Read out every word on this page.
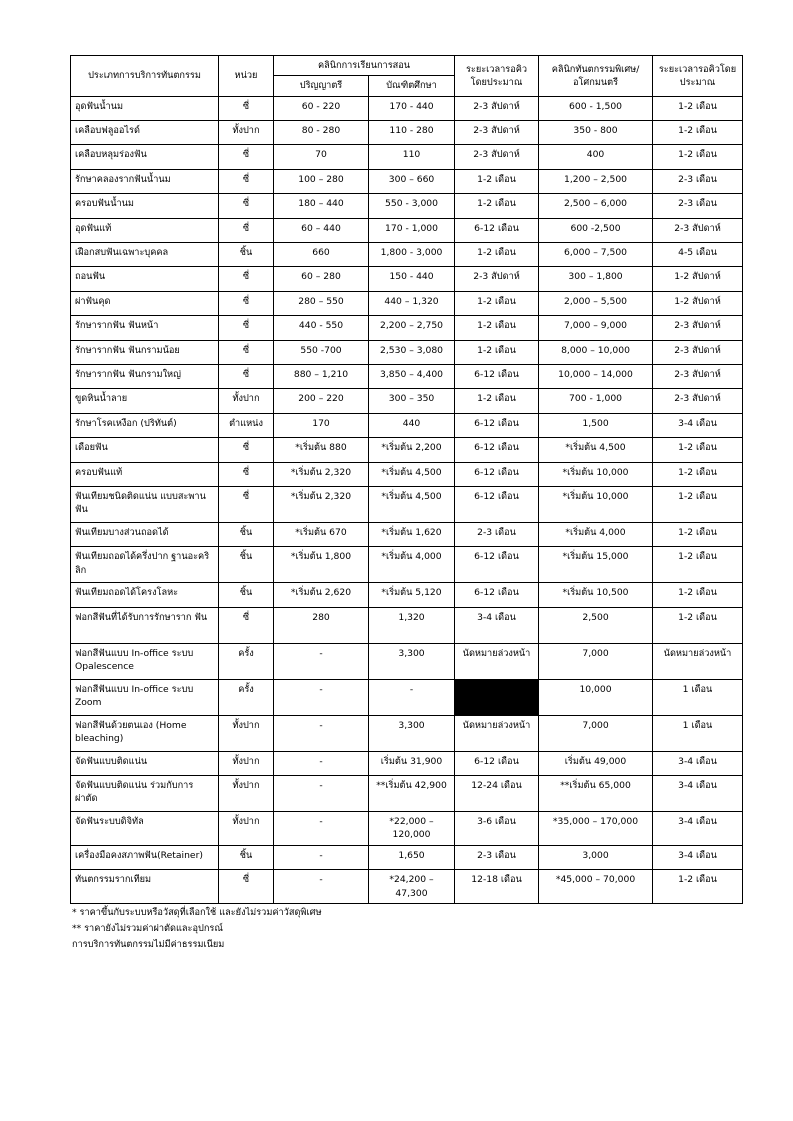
ประเภทการบริการทันตกรรม	หน่วย	คลินิกการเรียนการสอน		ระยะเวลารอคิวโดยประมาณ	คลินิกทันตกรรมพิเศษ/อโศกมนตรี	ระยะเวลารอคิวโดยประมาณ
		ปริญญาตรี	บัณฑิตศึกษา			
อุดฟันน้ำนม	ซี่	60 - 220	170 - 440	2-3 สัปดาห์	600 - 1,500	1-2 เดือน
เคลือบฟลูออไรด์	ทั้งปาก	80 - 280	110 - 280	2-3 สัปดาห์	350 - 800	1-2 เดือน
เคลือบหลุมร่องฟัน	ซี่	70	110	2-3 สัปดาห์	400	1-2 เดือน
รักษาคลองรากฟันน้ำนม	ซี่	100 – 280	300 – 660	1-2 เดือน	1,200 – 2,500	2-3 เดือน
ครอบฟันน้ำนม	ซี่	180 – 440	550 - 3,000	1-2 เดือน	2,500 – 6,000	2-3 เดือน
อุดฟันแท้	ซี่	60 – 440	170 - 1,000	6-12 เดือน	600 -2,500	2-3 สัปดาห์
เฝือกสบฟันเฉพาะบุคคล	ชิ้น	660	1,800 - 3,000	1-2 เดือน	6,000 – 7,500	4-5 เดือน
ถอนฟัน	ซี่	60 – 280	150 - 440	2-3 สัปดาห์	300 – 1,800	1-2 สัปดาห์
ผ่าฟันคุด	ซี่	280 – 550	440 – 1,320	1-2 เดือน	2,000 – 5,500	1-2 สัปดาห์
รักษารากฟัน ฟันหน้า	ซี่	440 - 550	2,200 – 2,750	1-2 เดือน	7,000 – 9,000	2-3 สัปดาห์
รักษารากฟัน ฟันกรามน้อย	ซี่	550 -700	2,530 – 3,080	1-2 เดือน	8,000 – 10,000	2-3 สัปดาห์
รักษารากฟัน ฟันกรามใหญ่	ซี่	880 – 1,210	3,850 – 4,400	6-12 เดือน	10,000 – 14,000	2-3 สัปดาห์
ขูดหินน้ำลาย	ทั้งปาก	200 – 220	300 – 350	1-2 เดือน	700 - 1,000	2-3 สัปดาห์
รักษาโรคเหงือก (ปริทันต์)	ตำแหน่ง	170	440	6-12 เดือน	1,500	3-4 เดือน
เดือยฟัน	ซี่	*เริ่มต้น 880	*เริ่มต้น 2,200	6-12 เดือน	*เริ่มต้น 4,500	1-2 เดือน
ครอบฟันแท้	ซี่	*เริ่มต้น 2,320	*เริ่มต้น 4,500	6-12 เดือน	*เริ่มต้น 10,000	1-2 เดือน
ฟันเทียมชนิดติดแน่น แบบสะพานฟัน	ซี่	*เริ่มต้น 2,320	*เริ่มต้น 4,500	6-12 เดือน	*เริ่มต้น 10,000	1-2 เดือน
ฟันเทียมบางส่วนถอดได้	ชิ้น	*เริ่มต้น 670	*เริ่มต้น 1,620	2-3 เดือน	*เริ่มต้น 4,000	1-2 เดือน
ฟันเทียมถอดได้ครึ่งปาก ฐานอะคริลิก	ชิ้น	*เริ่มต้น 1,800	*เริ่มต้น 4,000	6-12 เดือน	*เริ่มต้น 15,000	1-2 เดือน
ฟันเทียมถอดได้โครงโลหะ	ชิ้น	*เริ่มต้น 2,620	*เริ่มต้น 5,120	6-12 เดือน	*เริ่มต้น 10,500	1-2 เดือน
ฟอกสีฟันที่ได้รับการรักษาราก ฟัน	ซี่	280	1,320	3-4 เดือน	2,500	1-2 เดือน
ฟอกสีฟันแบบ In-office ระบบ Opalescence	ครั้ง	-	3,300	นัดหมายล่วงหน้า	7,000	นัดหมายล่วงหน้า
ฟอกสีฟันแบบ In-office ระบบ Zoom	ครั้ง	-	-		10,000	1 เดือน
ฟอกสีฟันด้วยตนเอง (Home bleaching)	ทั้งปาก	-	3,300	นัดหมายล่วงหน้า	7,000	1 เดือน
จัดฟันแบบติดแน่น	ทั้งปาก	-	เริ่มต้น 31,900	6-12 เดือน	เริ่มต้น 49,000	3-4 เดือน
จัดฟันแบบติดแน่น ร่วมกับการผ่าตัด	ทั้งปาก	-	**เริ่มต้น 42,900	12-24 เดือน	**เริ่มต้น 65,000	3-4 เดือน
จัดฟันระบบดิจิทัล	ทั้งปาก	-	*22,000 – 120,000	3-6 เดือน	*35,000 – 170,000	3-4 เดือน
เครื่องมือคงสภาพฟัน(Retainer)	ชิ้น	-	1,650	2-3 เดือน	3,000	3-4 เดือน
ทันตกรรมรากเทียม	ซี่	-	*24,200 – 47,300	12-18 เดือน	*45,000 – 70,000	1-2 เดือน
* ราคาขึ้นกับระบบหรือวัสดุที่เลือกใช้ และยังไม่รวมค่าวัสดุพิเศษ
** ราคายังไม่รวมค่าผ่าตัดและอุปกรณ์
การบริการทันตกรรมไม่มีค่าธรรมเนียม
